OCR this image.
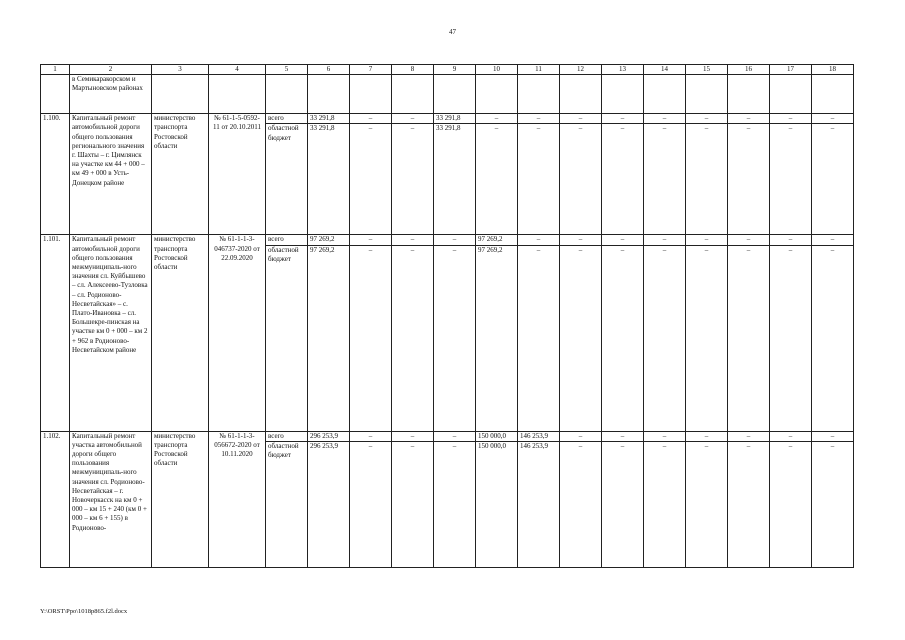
47
1	2	3	4	5	6	7	8	9	10	11	12	13	14	15	16	17	18
	в Семикаракорском и Мартыновском районах																
1.100.	Капитальный ремонт автомобильной дороги общего пользования регионального значения г. Шахты – г. Цимлянск на участке км 44 + 000 – км 49 + 000 в Усть-Донецком районе	министерство транспорта Ростовской области	№ 61-1-5-0592-11 от 20.10.2011	всего	33 291,8	–	–	33 291,8	–	–	–	–	–	–	–	–	–
				областной бюджет	33 291,8	–	–	33 291,8	–	–	–	–	–	–	–	–	–
1.101.	Капитальный ремонт автомобильной дороги общего пользования межмуниципаль-ного значения сл. Куйбышево – сл. Алексеево-Тузловка – сл. Родионово-Несветайская» – с. Плато-Ивановка – сл. Большекре-пинская на участке км 0 + 000 – км 2 + 962 в Родионово-Несветайском районе	министерство транспорта Ростовской области	№ 61-1-1-3-046737-2020 от 22.09.2020	всего	97 269,2	–	–	–	97 269,2	–	–	–	–	–	–	–	–
				областной бюджет	97 269,2	–	–	–	97 269,2	–	–	–	–	–	–	–	–
1.102.	Капитальный ремонт участка автомобильной дороги общего пользования межмуниципаль-ного значения сл. Родионово-Несветайская – г. Новочеркасск на км 0 + 000 – км 15 + 240 (км 0 + 000 – км 6 + 155) в Родионово-	министерство транспорта Ростовской области	№ 61-1-1-3-056672-2020 от 10.11.2020	всего	296 253,9	–	–	–	150 000,0	146 253,9	–	–	–	–	–	–	–
				областной бюджет	296 253,9	–	–	–	150 000,0	146 253,9	–	–	–	–	–	–	–
Y:\ORST\Ppo\1018p865.f2l.docx
